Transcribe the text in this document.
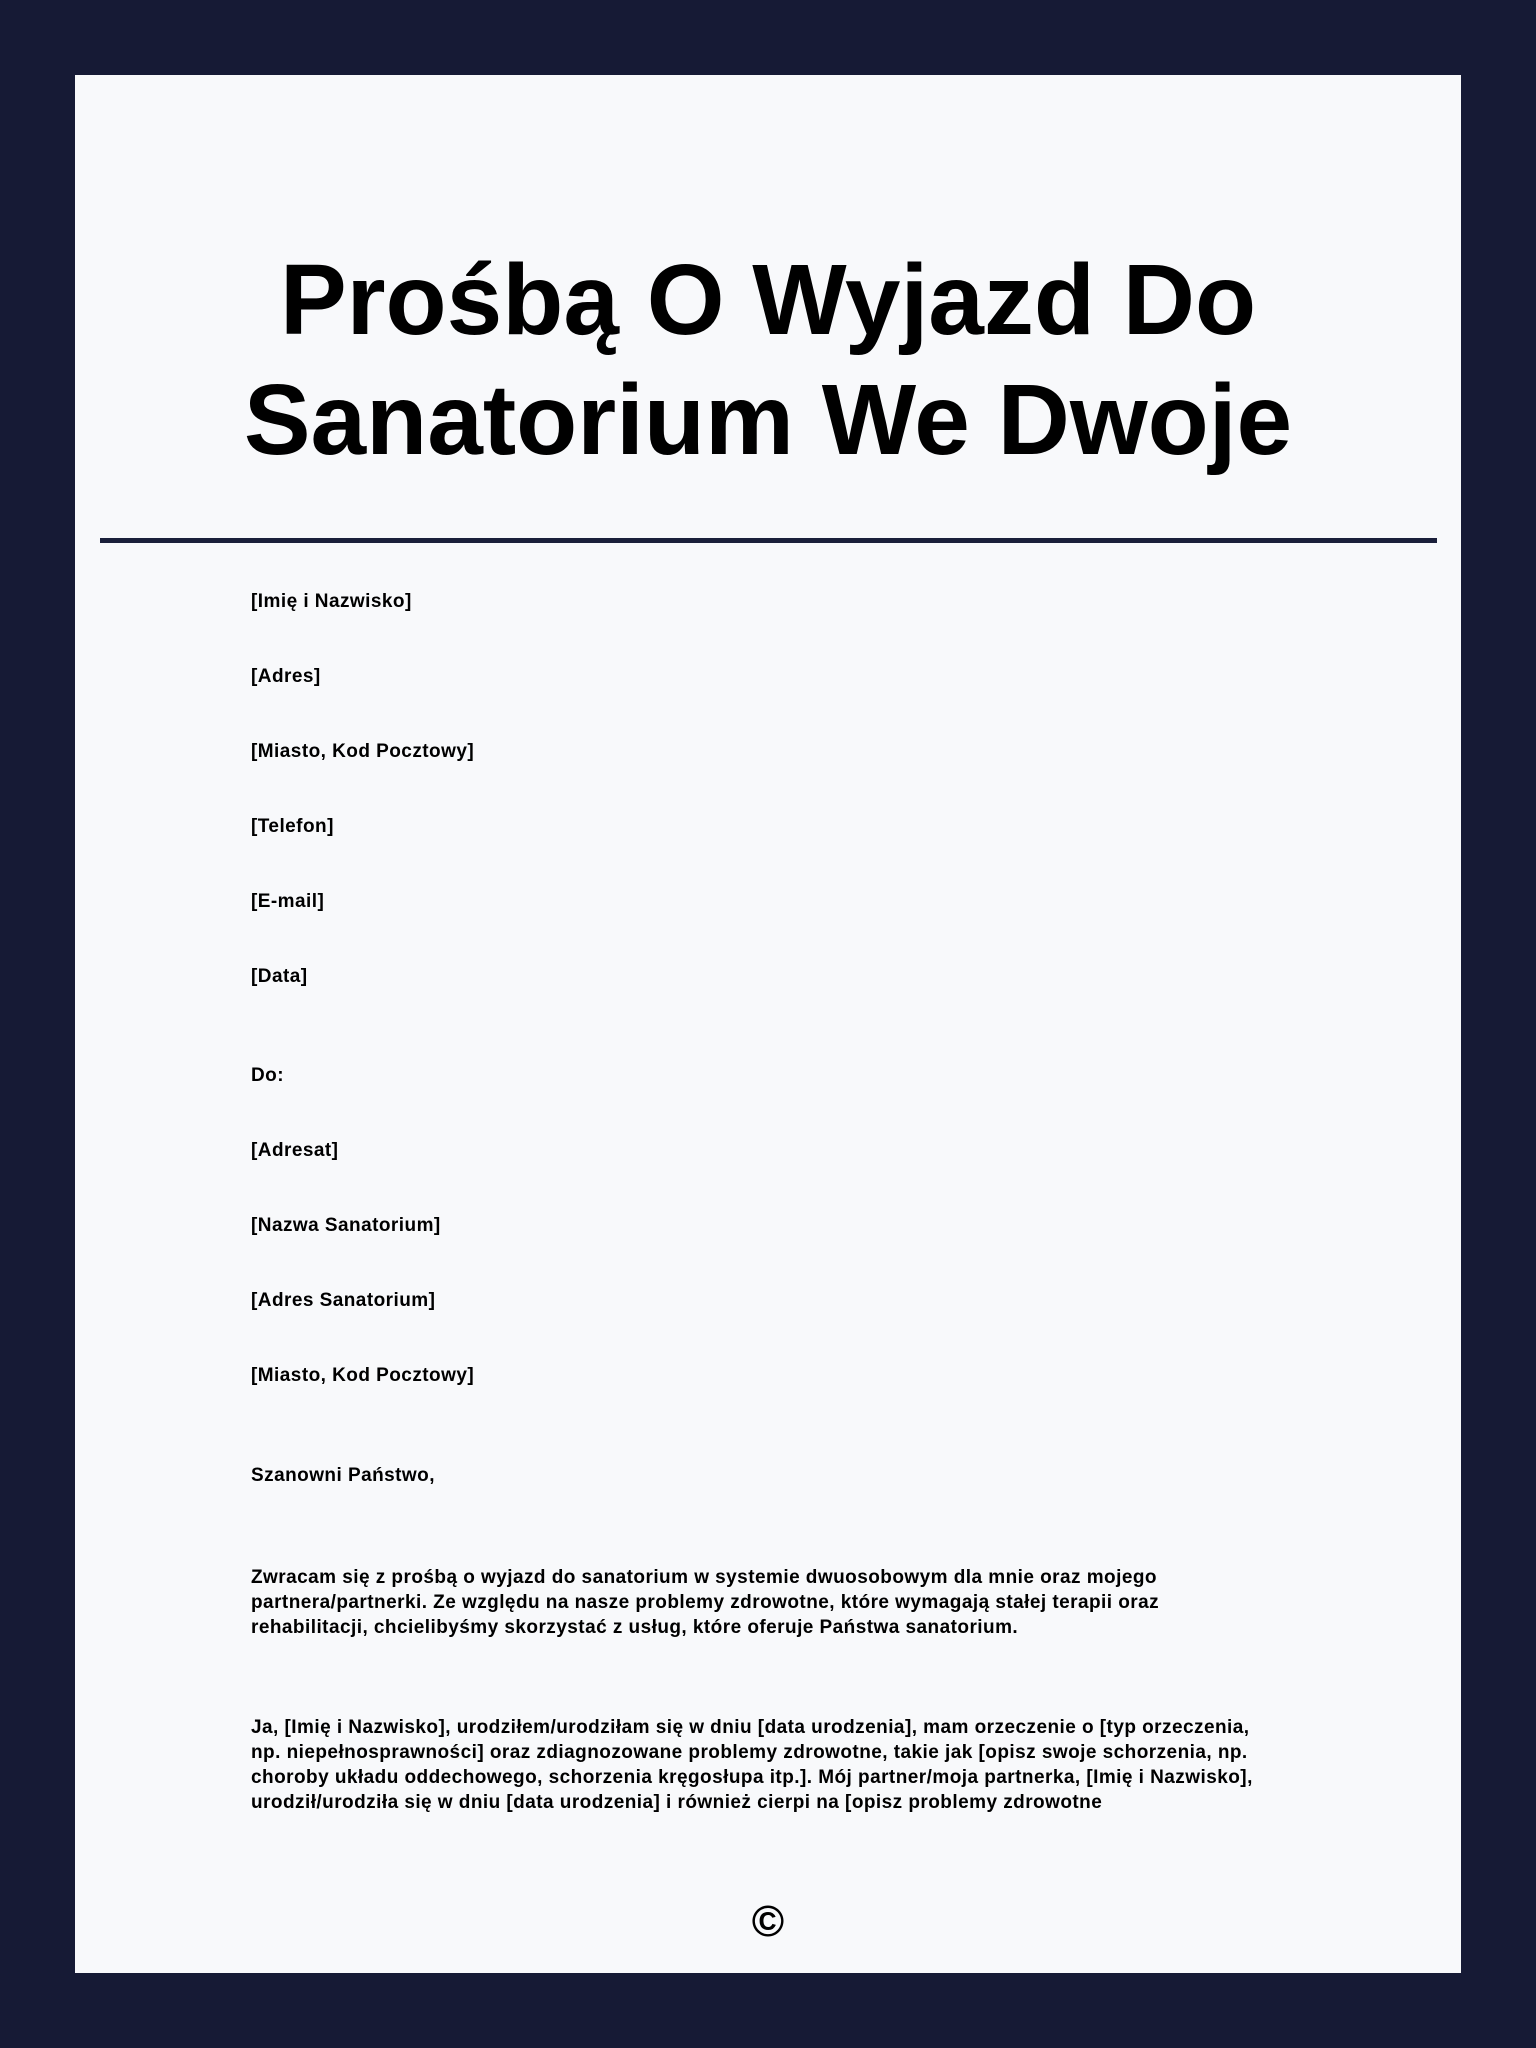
Prośbą O Wyjazd Do
Sanatorium We Dwoje
[Imię i Nazwisko]
[Adres]
[Miasto, Kod Pocztowy]
[Telefon]
[E-mail]
[Data]
Do:
[Adresat]
[Nazwa Sanatorium]
[Adres Sanatorium]
[Miasto, Kod Pocztowy]
Szanowni Państwo,
Zwracam się z prośbą o wyjazd do sanatorium w systemie dwuosobowym dla mnie oraz mojego
partnera/partnerki. Ze względu na nasze problemy zdrowotne, które wymagają stałej terapii oraz
rehabilitacji, chcielibyśmy skorzystać z usług, które oferuje Państwa sanatorium.
Ja, [Imię i Nazwisko], urodziłem/urodziłam się w dniu [data urodzenia], mam orzeczenie o [typ orzeczenia,
np. niepełnosprawności] oraz zdiagnozowane problemy zdrowotne, takie jak [opisz swoje schorzenia, np.
choroby układu oddechowego, schorzenia kręgosłupa itp.]. Mój partner/moja partnerka, [Imię i Nazwisko],
urodził/urodziła się w dniu [data urodzenia] i również cierpi na [opisz problemy zdrowotne
©
